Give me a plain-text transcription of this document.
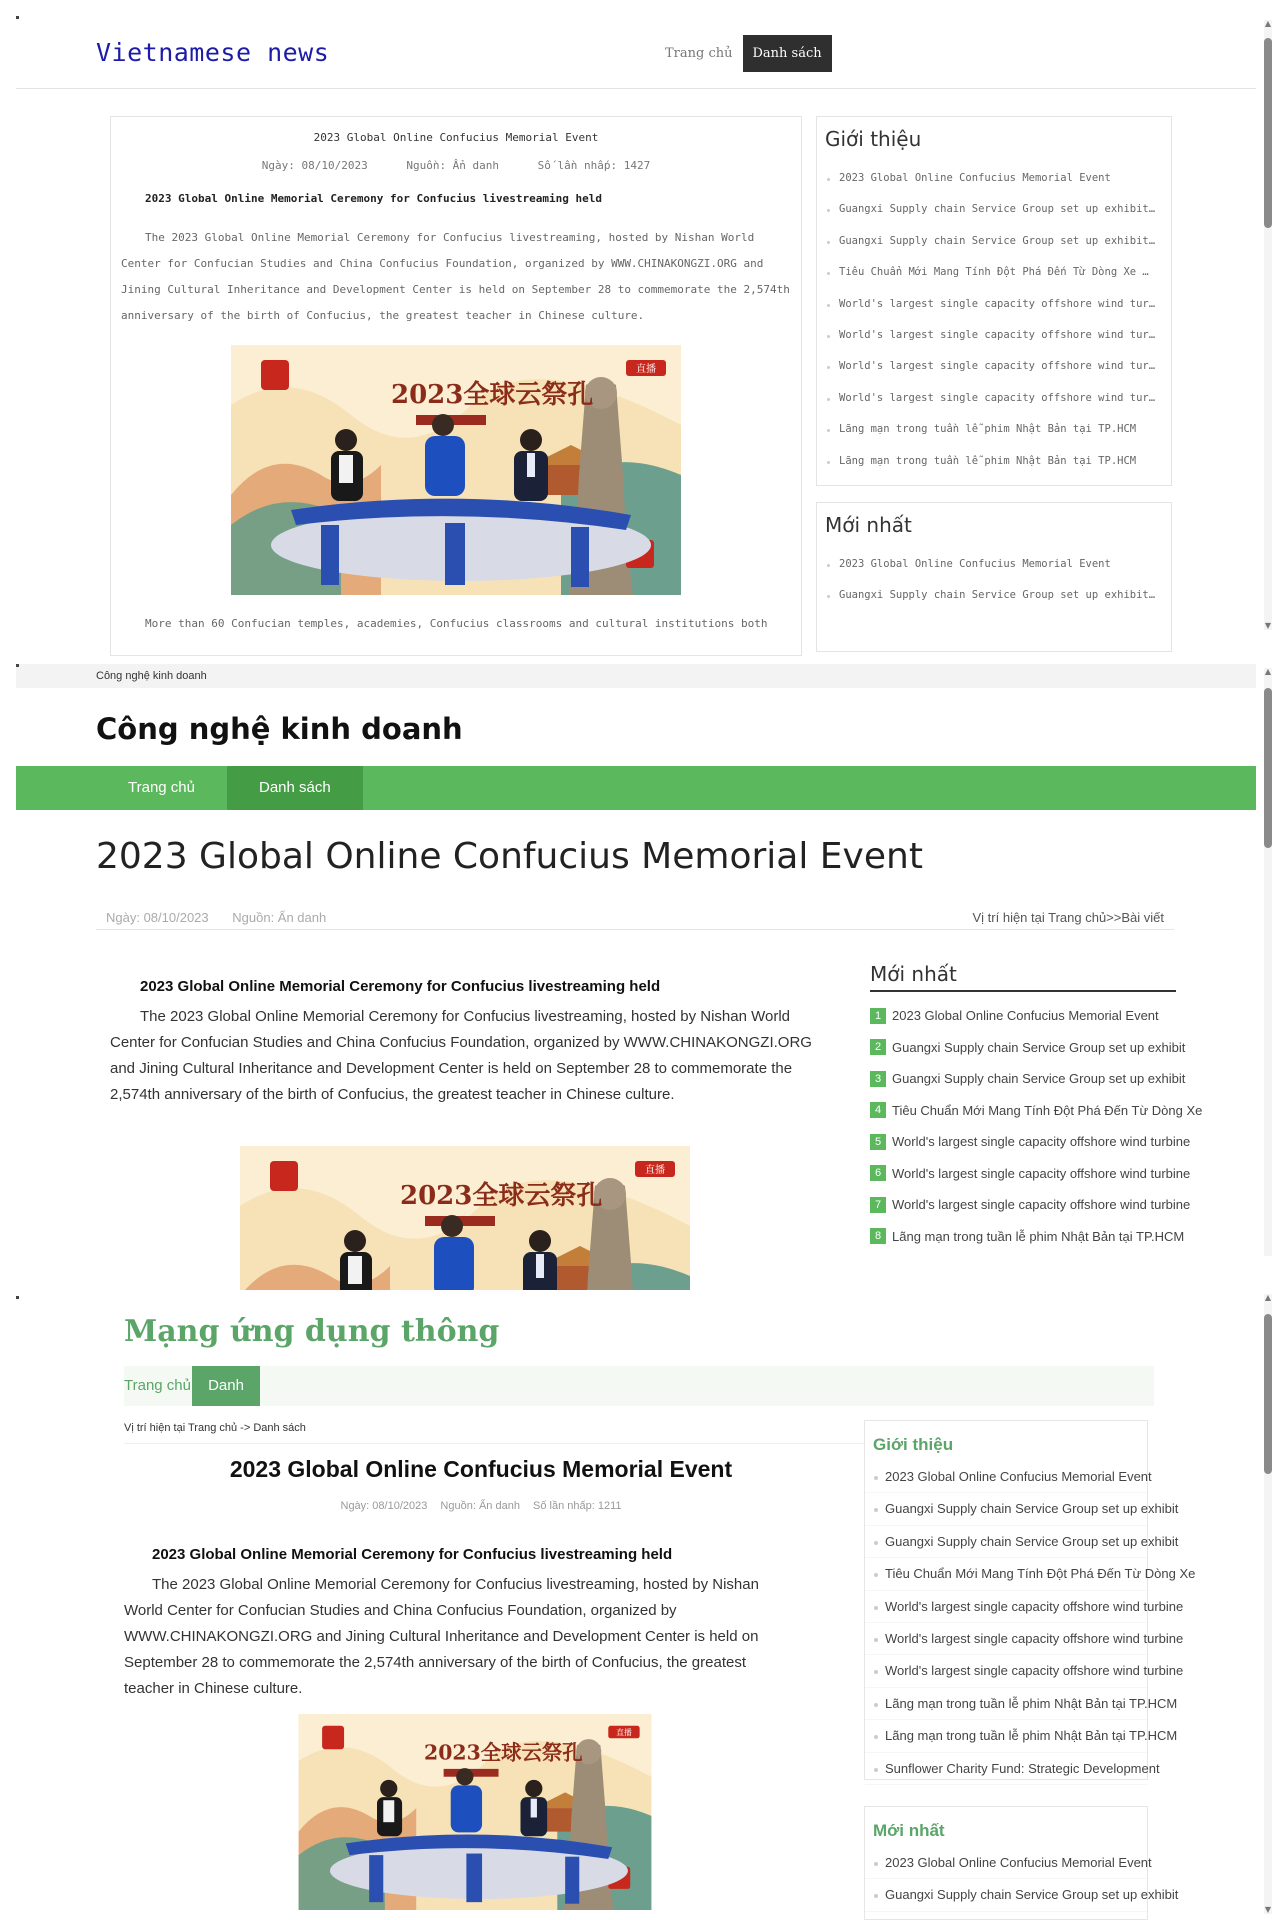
Vietnamese news	Trang chủ	Danh sách
2023 Global Online Confucius Memorial Event
Ngày: 08/10/2023	Nguồn: Ẩn danh	Số lần nhấp: 1427
2023 Global Online Memorial Ceremony for Confucius livestreaming held

The 2023 Global Online Memorial Ceremony for Confucius livestreaming, hosted by Nishan World Center for Confucian Studies and China Confucius Foundation, organized by WWW.CHINAKONGZI.ORG and Jining Cultural Inheritance and Development Center is held on September 28 to commemorate the 2,574th anniversary of the birth of Confucius, the greatest teacher in Chinese culture.

More than 60 Confucian temples, academies, Confucius classrooms and cultural institutions both
Giới thiệu
2023 Global Online Confucius Memorial Event
Guangxi Supply chain Service Group set up exhibit…
Guangxi Supply chain Service Group set up exhibit…
Tiêu Chuẩn Mới Mang Tính Đột Phá Đến Từ Dòng Xe …
World's largest single capacity offshore wind tur…
World's largest single capacity offshore wind tur…
World's largest single capacity offshore wind tur…
World's largest single capacity offshore wind tur…
Lãng mạn trong tuần lễ phim Nhật Bản tại TP.HCM
Lãng mạn trong tuần lễ phim Nhật Bản tại TP.HCM
Mới nhất
2023 Global Online Confucius Memorial Event
Guangxi Supply chain Service Group set up exhibit…
▲
▼
Công nghệ kinh doanh
Công nghệ kinh doanh
Trang chủ	Danh sách
2023 Global Online Confucius Memorial Event
Ngày: 08/10/2023 Nguồn: Ẩn danh	Vị trí hiện tại Trang chủ>>Bài viết
2023 Global Online Memorial Ceremony for Confucius livestreaming held

The 2023 Global Online Memorial Ceremony for Confucius livestreaming, hosted by Nishan World Center for Confucian Studies and China Confucius Foundation, organized by WWW.CHINAKONGZI.ORG and Jining Cultural Inheritance and Development Center is held on September 28 to commemorate the 2,574th anniversary of the birth of Confucius, the greatest teacher in Chinese culture.

Mới nhất
1 2023 Global Online Confucius Memorial Event
2 Guangxi Supply chain Service Group set up exhibit
3 Guangxi Supply chain Service Group set up exhibit
4 Tiêu Chuẩn Mới Mang Tính Đột Phá Đến Từ Dòng Xe
5 World's largest single capacity offshore wind turbine
6 World's largest single capacity offshore wind turbine
7 World's largest single capacity offshore wind turbine
8 Lãng mạn trong tuần lễ phim Nhật Bản tại TP.HCM
▲
Mạng ứng dụng thông
Trang chủ	Danh
Vị trí hiện tại Trang chủ -> Danh sách
2023 Global Online Confucius Memorial Event
Ngày: 08/10/2023 Nguồn: Ẩn danh Số lần nhấp: 1211
2023 Global Online Memorial Ceremony for Confucius livestreaming held

The 2023 Global Online Memorial Ceremony for Confucius livestreaming, hosted by Nishan World Center for Confucian Studies and China Confucius Foundation, organized by WWW.CHINAKONGZI.ORG and Jining Cultural Inheritance and Development Center is held on September 28 to commemorate the 2,574th anniversary of the birth of Confucius, the greatest teacher in Chinese culture.

Giới thiệu
2023 Global Online Confucius Memorial Event
Guangxi Supply chain Service Group set up exhibit
Guangxi Supply chain Service Group set up exhibit
Tiêu Chuẩn Mới Mang Tính Đột Phá Đến Từ Dòng Xe
World's largest single capacity offshore wind turbine
World's largest single capacity offshore wind turbine
World's largest single capacity offshore wind turbine
Lãng mạn trong tuần lễ phim Nhật Bản tại TP.HCM
Lãng mạn trong tuần lễ phim Nhật Bản tại TP.HCM
Sunflower Charity Fund: Strategic Development
Mới nhất
2023 Global Online Confucius Memorial Event
Guangxi Supply chain Service Group set up exhibit
▲
▼
